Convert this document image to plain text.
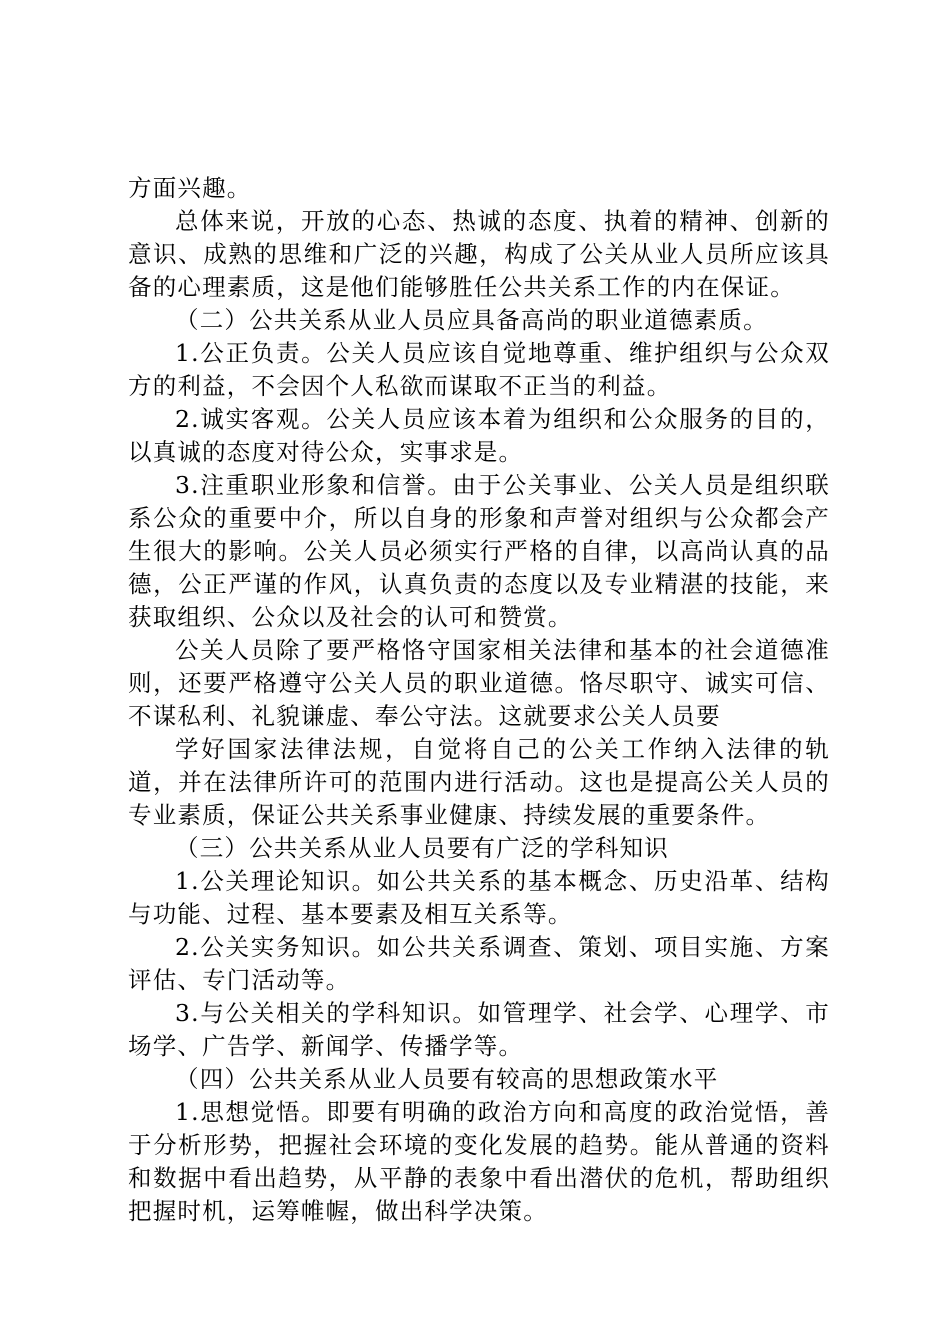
方面兴趣。

总体来说，开放的心态、热诚的态度、执着的精神、创新的意识、成熟的思维和广泛的兴趣，构成了公关从业人员所应该具备的心理素质，这是他们能够胜任公共关系工作的内在保证。

（二）公共关系从业人员应具备高尚的职业道德素质。

1.公正负责。公关人员应该自觉地尊重、维护组织与公众双方的利益，不会因个人私欲而谋取不正当的利益。

2.诚实客观。公关人员应该本着为组织和公众服务的目的，以真诚的态度对待公众，实事求是。

3.注重职业形象和信誉。由于公关事业、公关人员是组织联系公众的重要中介，所以自身的形象和声誉对组织与公众都会产生很大的影响。公关人员必须实行严格的自律，以高尚认真的品德，公正严谨的作风，认真负责的态度以及专业精湛的技能，来获取组织、公众以及社会的认可和赞赏。

公关人员除了要严格恪守国家相关法律和基本的社会道德准则，还要严格遵守公关人员的职业道德。恪尽职守、诚实可信、不谋私利、礼貌谦虚、奉公守法。这就要求公关人员要

学好国家法律法规，自觉将自己的公关工作纳入法律的轨道，并在法律所许可的范围内进行活动。这也是提高公关人员的专业素质，保证公共关系事业健康、持续发展的重要条件。

（三）公共关系从业人员要有广泛的学科知识

1.公关理论知识。如公共关系的基本概念、历史沿革、结构与功能、过程、基本要素及相互关系等。

2.公关实务知识。如公共关系调查、策划、项目实施、方案评估、专门活动等。

3.与公关相关的学科知识。如管理学、社会学、心理学、市场学、广告学、新闻学、传播学等。

（四）公共关系从业人员要有较高的思想政策水平

1.思想觉悟。即要有明确的政治方向和高度的政治觉悟，善于分析形势，把握社会环境的变化发展的趋势。能从普通的资料和数据中看出趋势，从平静的表象中看出潜伏的危机，帮助组织把握时机，运筹帷幄，做出科学决策。
